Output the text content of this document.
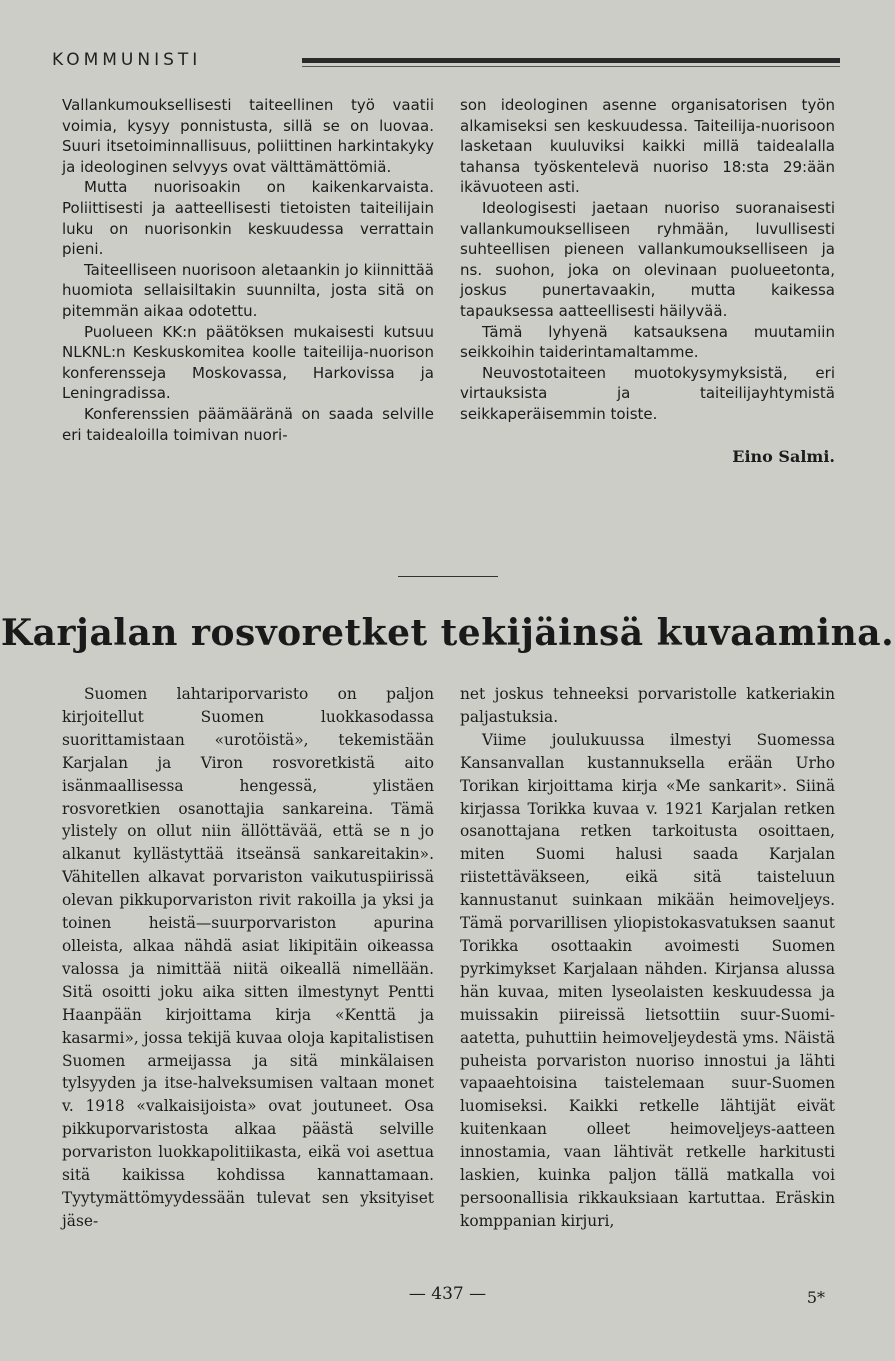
KOMMUNISTI

Vallankumouksellisesti taiteellinen työ vaatii voimia, kysyy ponnistusta, sillä se on luovaa. Suuri itsetoiminnallisuus, poliittinen harkintakyky ja ideologinen selvyys ovat välttämättömiä.

Mutta nuorisoakin on kaikenkarvaista. Poliittisesti ja aatteellisesti tietoisten taiteilijain luku on nuorisonkin keskuudessa verrattain pieni.

Taiteelliseen nuorisoon aletaankin jo kiinnittää huomiota sellaisiltakin suunnilta, josta sitä on pitemmän aikaa odotettu.

Puolueen KK:n päätöksen mukaisesti kutsuu NLKNL:n Keskuskomitea koolle taiteilija-nuorison konferensseja Moskovassa, Harkovissa ja Leningradissa.

Konferenssien päämääränä on saada selville eri taidealoilla toimivan nuori-

son ideologinen asenne organisatorisen työn alkamiseksi sen keskuudessa. Taiteilija-nuorisoon lasketaan kuuluviksi kaikki millä taidealalla tahansa työskentelevä nuoriso 18:sta 29:ään ikävuoteen asti.

Ideologisesti jaetaan nuoriso suoranaisesti vallankumoukselliseen ryhmään, luvullisesti suhteellisen pieneen vallankumoukselliseen ja ns. suohon, joka on olevinaan puolueetonta, joskus punertavaakin, mutta kaikessa tapauksessa aatteellisesti häilyvää.

Tämä lyhyenä katsauksena muutamiin seikkoihin taiderintamaltamme.

Neuvostotaiteen muotokysymyksistä, eri virtauksista ja taiteilijayhtymistä seikkaperäisemmin toiste.

Eino Salmi.
Karjalan rosvoretket tekijäinsä kuvaamina.

Suomen lahtariporvaristo on paljon kirjoitellut Suomen luokkasodassa suorittamistaan «urotöistä», tekemistään Karjalan ja Viron rosvoretkistä aito isänmaallisessa hengessä, ylistäen rosvoretkien osanottajia sankareina. Tämä ylistely on ollut niin ällöttävää, että se n jo alkanut kyllästyttää itseänsä sankareitakin». Vähitellen alkavat porvariston vaikutuspiirissä olevan pikkuporvariston rivit rakoilla ja yksi ja toinen heistä—suurporvariston apurina olleista, alkaa nähdä asiat likipitäin oikeassa valossa ja nimittää niitä oikeallä nimellään. Sitä osoitti joku aika sitten ilmestynyt Pentti Haanpään kirjoittama kirja «Kenttä ja kasarmi», jossa tekijä kuvaa oloja kapitalistisen Suomen armeijassa ja sitä minkälaisen tylsyyden ja itse-halveksumisen valtaan monet v. 1918 «valkaisijoista» ovat joutuneet. Osa pikkuporvaristosta alkaa päästä selville porvariston luokkapolitiikasta, eikä voi asettua sitä kaikissa kohdissa kannattamaan. Tyytymättömyydessään tulevat sen yksityiset jäse-

net joskus tehneeksi porvaristolle katkeriakin paljastuksia.

Viime joulukuussa ilmestyi Suomessa Kansanvallan kustannuksella erään Urho Torikan kirjoittama kirja «Me sankarit». Siinä kirjassa Torikka kuvaa v. 1921 Karjalan retken osanottajana retken tarkoitusta osoittaen, miten Suomi halusi saada Karjalan riistettäväkseen, eikä sitä taisteluun kannustanut suinkaan mikään heimoveljeys. Tämä porvarillisen yliopistokasvatuksen saanut Torikka osottaakin avoimesti Suomen pyrkimykset Karjalaan nähden. Kirjansa alussa hän kuvaa, miten lyseolaisten keskuudessa ja muissakin piireissä lietsottiin suur-Suomi-aatetta, puhuttiin heimoveljeydestä yms. Näistä puheista porvariston nuoriso innostui ja lähti vapaaehtoisina taistelemaan suur-Suomen luomiseksi. Kaikki retkelle lähtijät eivät kuitenkaan olleet heimoveljeys-aatteen innostamia, vaan lähtivät retkelle harkitusti laskien, kuinka paljon tällä matkalla voi persoonallisia rikkauksiaan kartuttaa. Eräskin komppanian kirjuri,

— 437 —	5*
